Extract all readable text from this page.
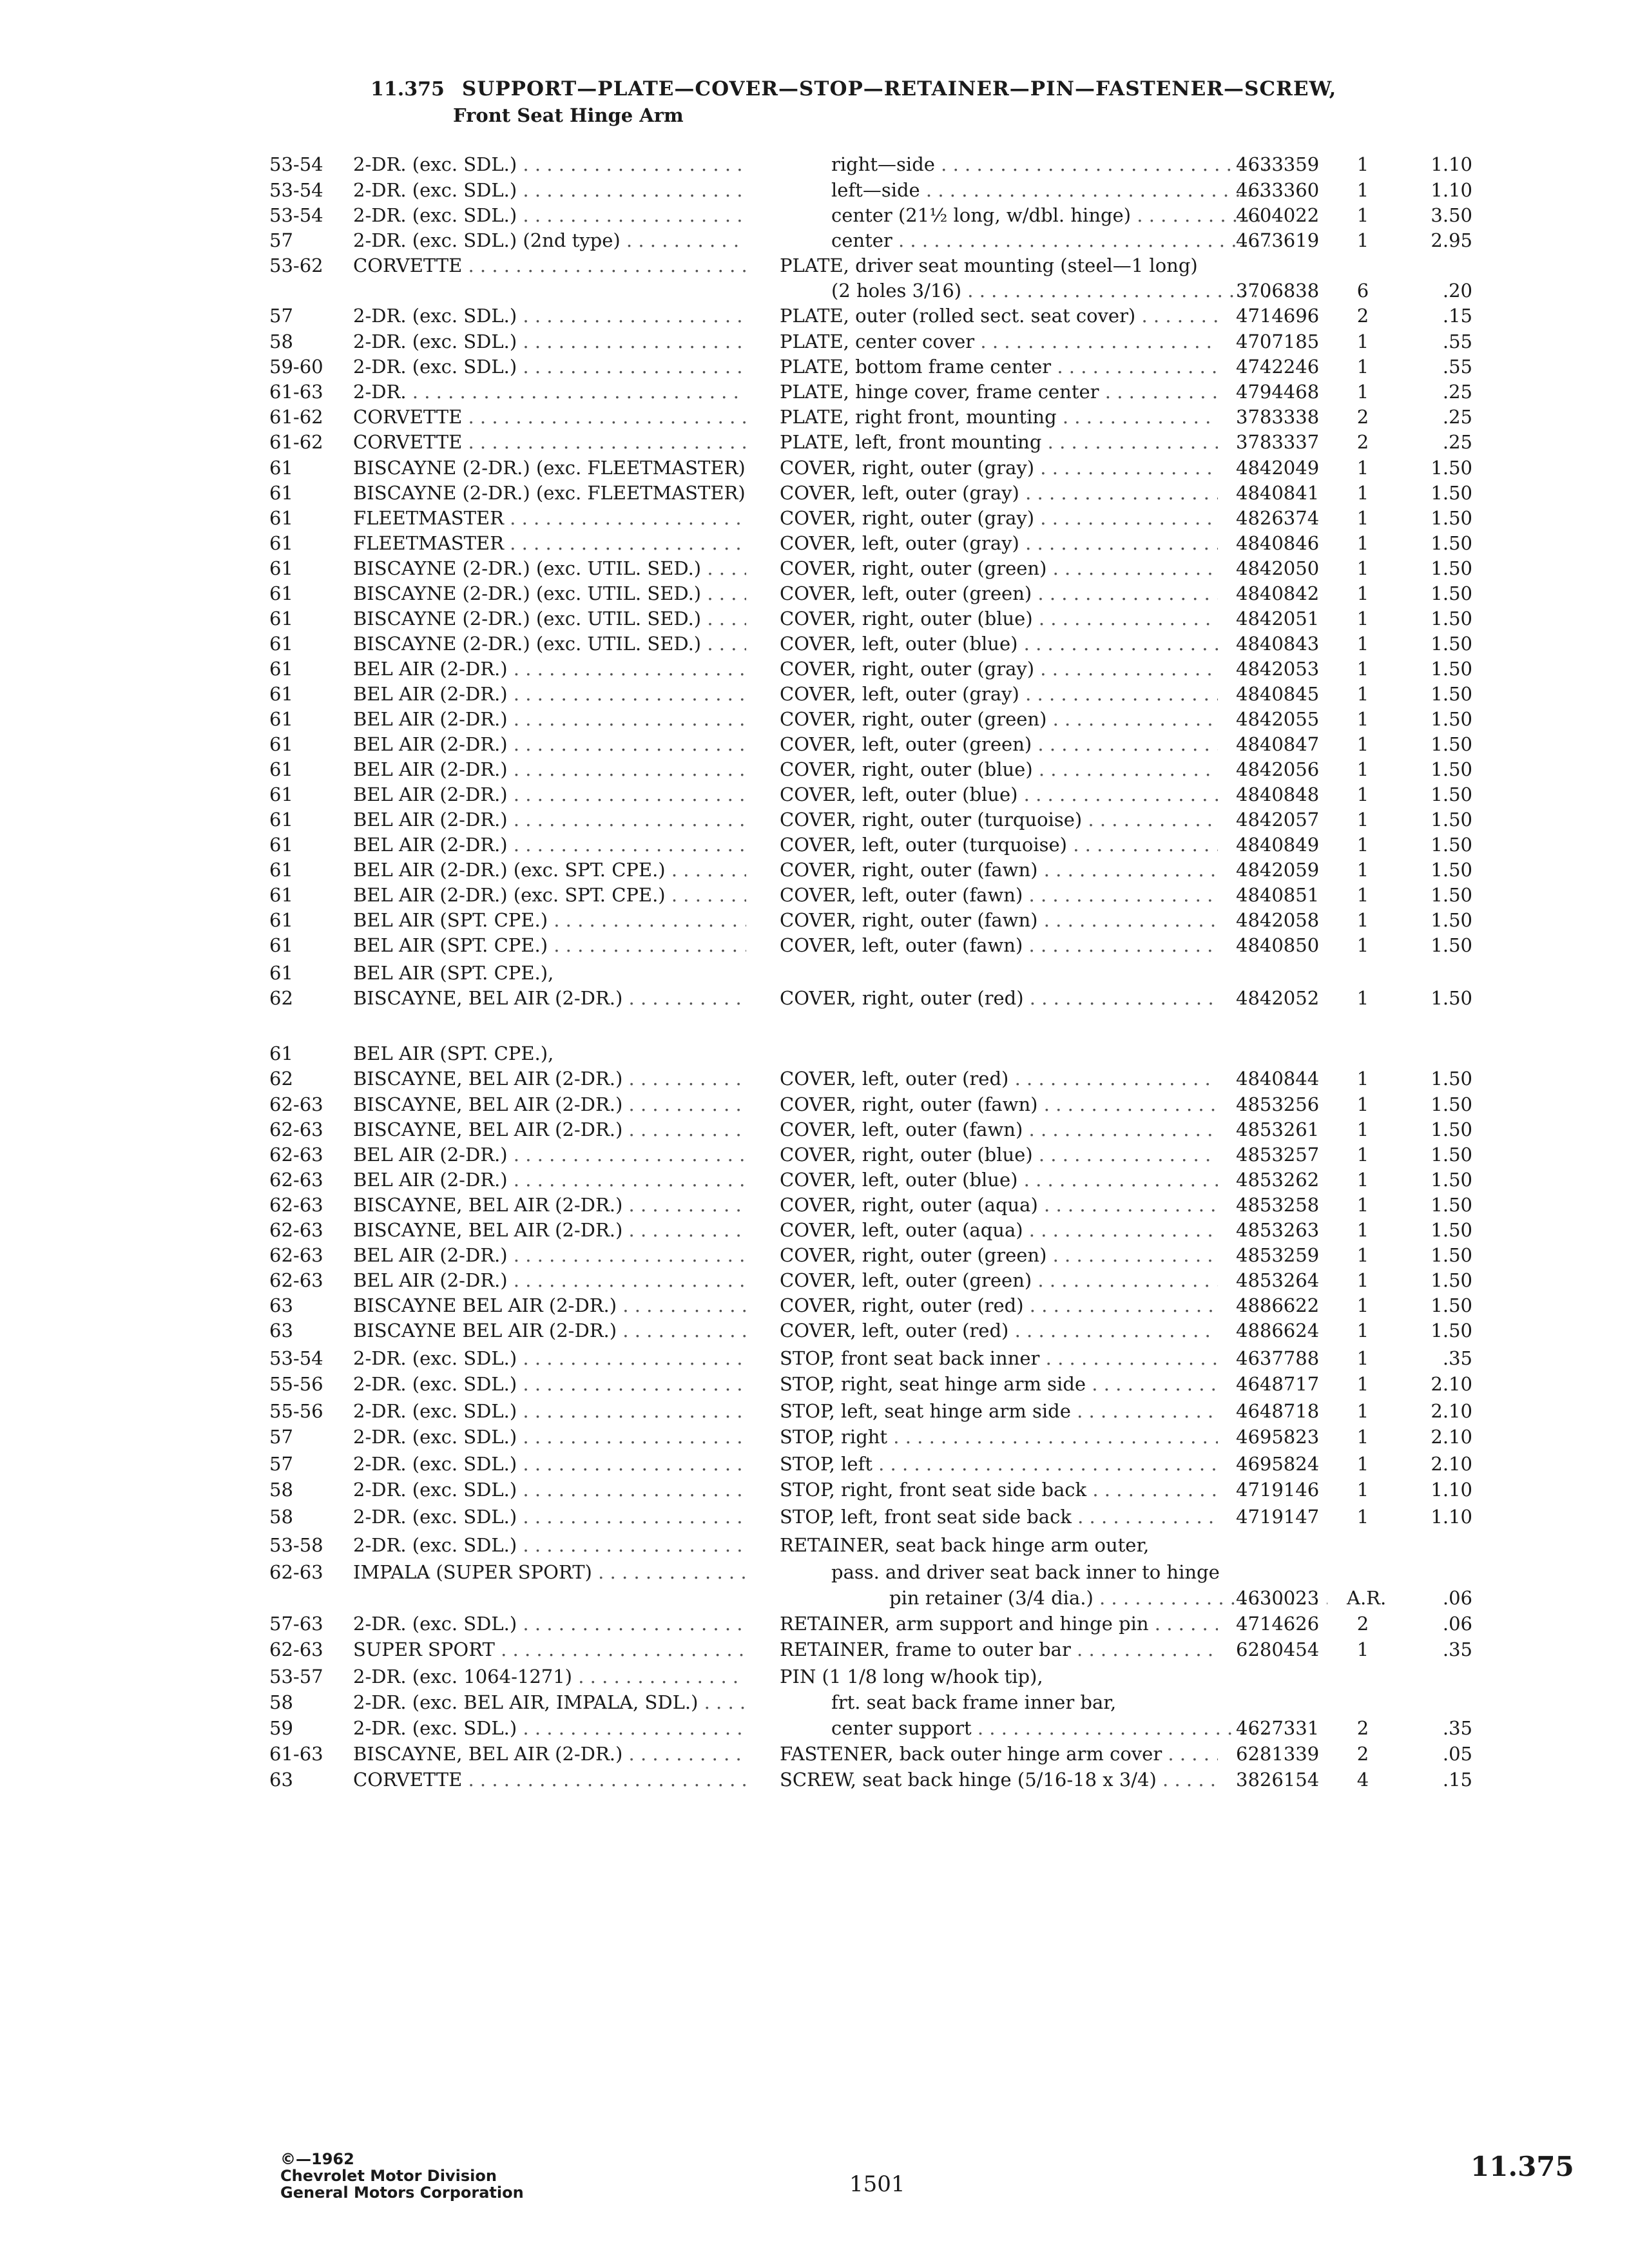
11.375 SUPPORT—PLATE—COVER—STOP—RETAINER—PIN—FASTENER—SCREW,
Front Seat Hinge Arm
53-54 2-DR. (exc. SDL.) . . .	right—side . . .	4633359	1	1.10
53-54 2-DR. (exc. SDL.) . . .	left—side . . .	4633360	1	1.10
53-54 2-DR. (exc. SDL.) . . .	center (21½ long, w/dbl. hinge) . . .	4604022	1	3.50
57	2-DR. (exc. SDL.) (2nd type) . . .	center . . .	4673619	1	2.95
53-62 CORVETTE . . .	PLATE, driver seat mounting (steel—1 long)
(2 holes 3/16) . . .	3706838	6	.20
57	2-DR. (exc. SDL.) . . .	PLATE, outer (rolled sect. seat cover) . . .	4714696	2	.15
58	2-DR. (exc. SDL.) . . .	PLATE, center cover . . .	4707185	1	.55
59-60 2-DR. (exc. SDL.) . . .	PLATE, bottom frame center . . .	4742246	1	.55
61-63 2-DR. . . .	PLATE, hinge cover, frame center . . .	4794468	1	.25
61-62 CORVETTE . . .	PLATE, right front, mounting . . .	3783338	2	.25
61-62 CORVETTE . . .	PLATE, left, front mounting . . .	3783337	2	.25
61	BISCAYNE (2-DR.) (exc. FLEETMASTER) . . . COVER, right, outer (gray) . . .	4842049	1	1.50
61	BISCAYNE (2-DR.) (exc. FLEETMASTER) . . . COVER, left, outer (gray) . . .	4840841	1	1.50
61	FLEETMASTER . . .	COVER, right, outer (gray) . . .	4826374	1	1.50
61	FLEETMASTER . . .	COVER, left, outer (gray) . . .	4840846	1	1.50
61	BISCAYNE (2-DR.) (exc. UTIL. SED.) . . .	COVER, right, outer (green) . . .	4842050	1	1.50
61	BISCAYNE (2-DR.) (exc. UTIL. SED.) . . .	COVER, left, outer (green) . . .	4840842	1	1.50
61	BISCAYNE (2-DR.) (exc. UTIL. SED.) . . .	COVER, right, outer (blue) . . .	4842051	1	1.50
61	BISCAYNE (2-DR.) (exc. UTIL. SED.) . . .	COVER, left, outer (blue) . . .	4840843	1	1.50
61	BEL AIR (2-DR.) . . .	COVER, right, outer (gray) . . .	4842053	1	1.50
61	BEL AIR (2-DR.) . . .	COVER, left, outer (gray) . . .	4840845	1	1.50
61	BEL AIR (2-DR.) . . .	COVER, right, outer (green) . . .	4842055	1	1.50
61	BEL AIR (2-DR.) . . .	COVER, left, outer (green) . . .	4840847	1	1.50
61	BEL AIR (2-DR.) . . .	COVER, right, outer (blue) . . .	4842056	1	1.50
61	BEL AIR (2-DR.) . . .	COVER, left, outer (blue) . . .	4840848	1	1.50
61	BEL AIR (2-DR.) . . .	COVER, right, outer (turquoise) . . .	4842057	1	1.50
61	BEL AIR (2-DR.) . . .	COVER, left, outer (turquoise) . . .	4840849	1	1.50
61	BEL AIR (2-DR.) (exc. SPT. CPE.) . . .	COVER, right, outer (fawn) . . .	4842059	1	1.50
61	BEL AIR (2-DR.) (exc. SPT. CPE.) . . .	COVER, left, outer (fawn) . . .	4840851	1	1.50
61	BEL AIR (SPT. CPE.) . . .	COVER, right, outer (fawn) . . .	4842058	1	1.50
61	BEL AIR (SPT. CPE.) . . .	COVER, left, outer (fawn) . . .	4840850	1	1.50
61	BEL AIR (SPT. CPE.),
62	BISCAYNE, BEL AIR (2-DR.) . . .	COVER, right, outer (red) . . .	4842052	1	1.50
61	BEL AIR (SPT. CPE.),
62	BISCAYNE, BEL AIR (2-DR.) . . .	COVER, left, outer (red) . . .	4840844	1	1.50
62-63 BISCAYNE, BEL AIR (2-DR.) . . .	COVER, right, outer (fawn) . . .	4853256	1	1.50
62-63 BISCAYNE, BEL AIR (2-DR.) . . .	COVER, left, outer (fawn) . . .	4853261	1	1.50
62-63 BEL AIR (2-DR.) . . .	COVER, right, outer (blue) . . .	4853257	1	1.50
62-63 BEL AIR (2-DR.) . . .	COVER, left, outer (blue) . . .	4853262	1	1.50
62-63 BISCAYNE, BEL AIR (2-DR.) . . .	COVER, right, outer (aqua) . . .	4853258	1	1.50
62-63 BISCAYNE, BEL AIR (2-DR.) . . .	COVER, left, outer (aqua) . . .	4853263	1	1.50
62-63 BEL AIR (2-DR.) . . .	COVER, right, outer (green) . . .	4853259	1	1.50
62-63 BEL AIR (2-DR.) . . .	COVER, left, outer (green) . . .	4853264	1	1.50
63	BISCAYNE BEL AIR (2-DR.) . . .	COVER, right, outer (red) . . .	4886622	1	1.50
63	BISCAYNE BEL AIR (2-DR.) . . .	COVER, left, outer (red) . . .	4886624	1	1.50
53-54 2-DR. (exc. SDL.) . . .	STOP, front seat back inner . . .	4637788	1	.35
55-56 2-DR. (exc. SDL.) . . .	STOP, right, seat hinge arm side . . .	4648717	1	2.10
55-56 2-DR. (exc. SDL.) . . .	STOP, left, seat hinge arm side . . .	4648718	1	2.10
57	2-DR. (exc. SDL.) . . .	STOP, right . . .	4695823	1	2.10
57	2-DR. (exc. SDL.) . . .	STOP, left . . .	4695824	1	2.10
58	2-DR. (exc. SDL.) . . .	STOP, right, front seat side back . . .	4719146	1	1.10
58	2-DR. (exc. SDL.) . . .	STOP, left, front seat side back . . .	4719147	1	1.10
53-58 2-DR. (exc. SDL.) . . .	RETAINER, seat back hinge arm outer,
62-63 IMPALA (SUPER SPORT) . . .	pass. and driver seat back inner to hinge
pin retainer (3/4 dia.) . . .	4630023 A.R.	.06
57-63 2-DR. (exc. SDL.) . . .	RETAINER, arm support and hinge pin . . .	4714626	2	.06
62-63 SUPER SPORT . . .	RETAINER, frame to outer bar . . .	6280454	1	.35
53-57 2-DR. (exc. 1064-1271) . . .	PIN (1 1/8 long w/hook tip),
58	2-DR. (exc. BEL AIR, IMPALA, SDL.) . . .	frt. seat back frame inner bar,
59	2-DR. (exc. SDL.) . . .	center support . . .	4627331	2	.35
61-63 BISCAYNE, BEL AIR (2-DR.) . . .	FASTENER, back outer hinge arm cover . . .	6281339	2	.05
63	CORVETTE . . .	SCREW, seat back hinge (5/16-18 x 3/4) . . .	3826154	4	.15
©—1962
Chevrolet Motor Division
General Motors Corporation	1501
11.375
